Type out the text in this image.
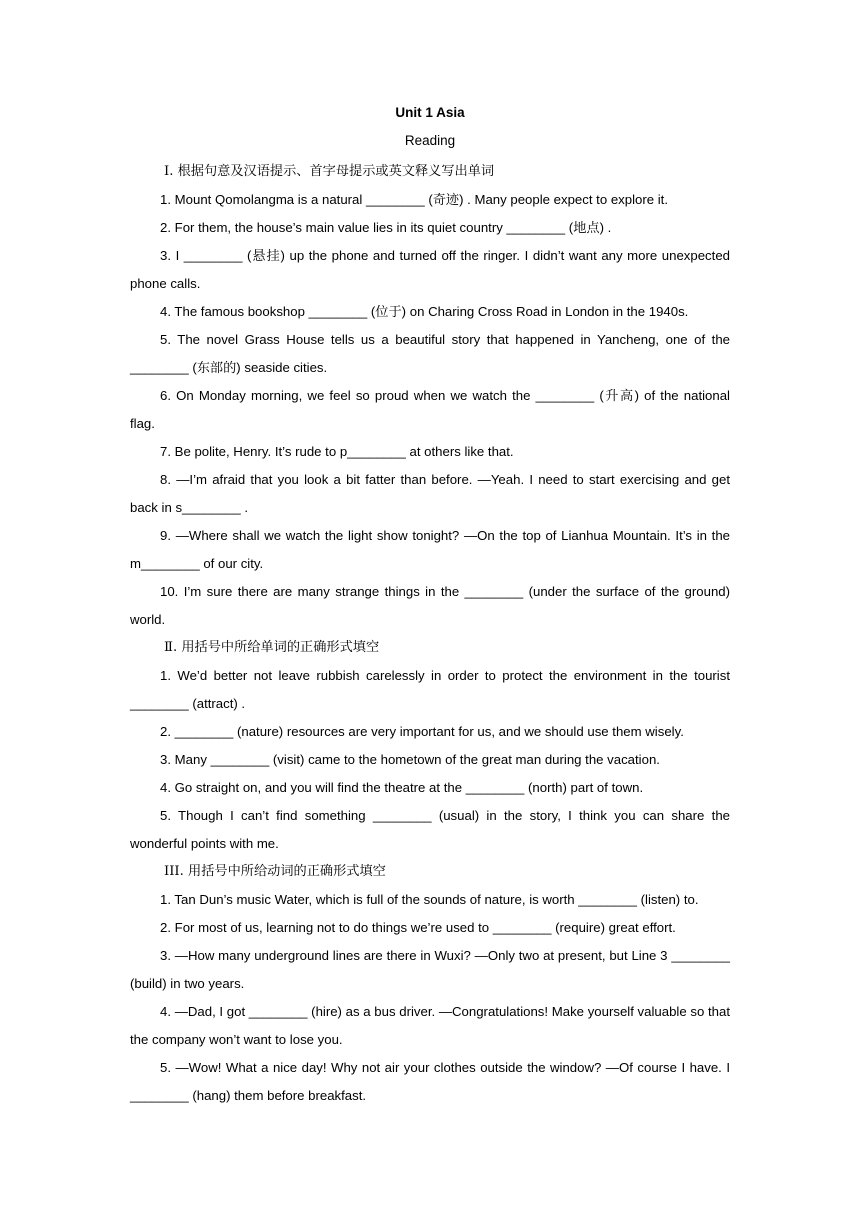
Unit 1 Asia
Reading

Ⅰ. 根据句意及汉语提示、首字母提示或英文释义写出单词

1. Mount Qomolangma is a natural ________ (奇迹) . Many people expect to explore it.

2. For them, the house’s main value lies in its quiet country ________ (地点) .

3. I ________ (悬挂) up the phone and turned off the ringer. I didn’t want any more unexpected phone calls.

4. The famous bookshop ________ (位于) on Charing Cross Road in London in the 1940s.

5. The novel Grass House tells us a beautiful story that happened in Yancheng, one of the ________ (东部的) seaside cities.

6. On Monday morning, we feel so proud when we watch the ________ (升高) of the national flag.

7. Be polite, Henry. It’s rude to p________ at others like that.

8. —I’m afraid that you look a bit fatter than before. —Yeah. I need to start exercising and get back in s________ .

9. —Where shall we watch the light show tonight? —On the top of Lianhua Mountain. It’s in the m________ of our city.

10. I’m sure there are many strange things in the ________ (under the surface of the ground) world.

Ⅱ. 用括号中所给单词的正确形式填空

1. We’d better not leave rubbish carelessly in order to protect the environment in the tourist ________ (attract) .

2. ________ (nature) resources are very important for us, and we should use them wisely.

3. Many ________ (visit) came to the hometown of the great man during the vacation.

4. Go straight on, and you will find the theatre at the ________ (north) part of town.

5. Though I can’t find something ________ (usual) in the story, I think you can share the wonderful points with me.

III. 用括号中所给动词的正确形式填空

1. Tan Dun’s music Water, which is full of the sounds of nature, is worth ________ (listen) to.

2. For most of us, learning not to do things we’re used to ________ (require) great effort.

3. —How many underground lines are there in Wuxi? —Only two at present, but Line 3 ________ (build) in two years.

4. —Dad, I got ________ (hire) as a bus driver. —Congratulations! Make yourself valuable so that the company won’t want to lose you.

5. —Wow! What a nice day! Why not air your clothes outside the window? —Of course I have. I ________ (hang) them before breakfast.
